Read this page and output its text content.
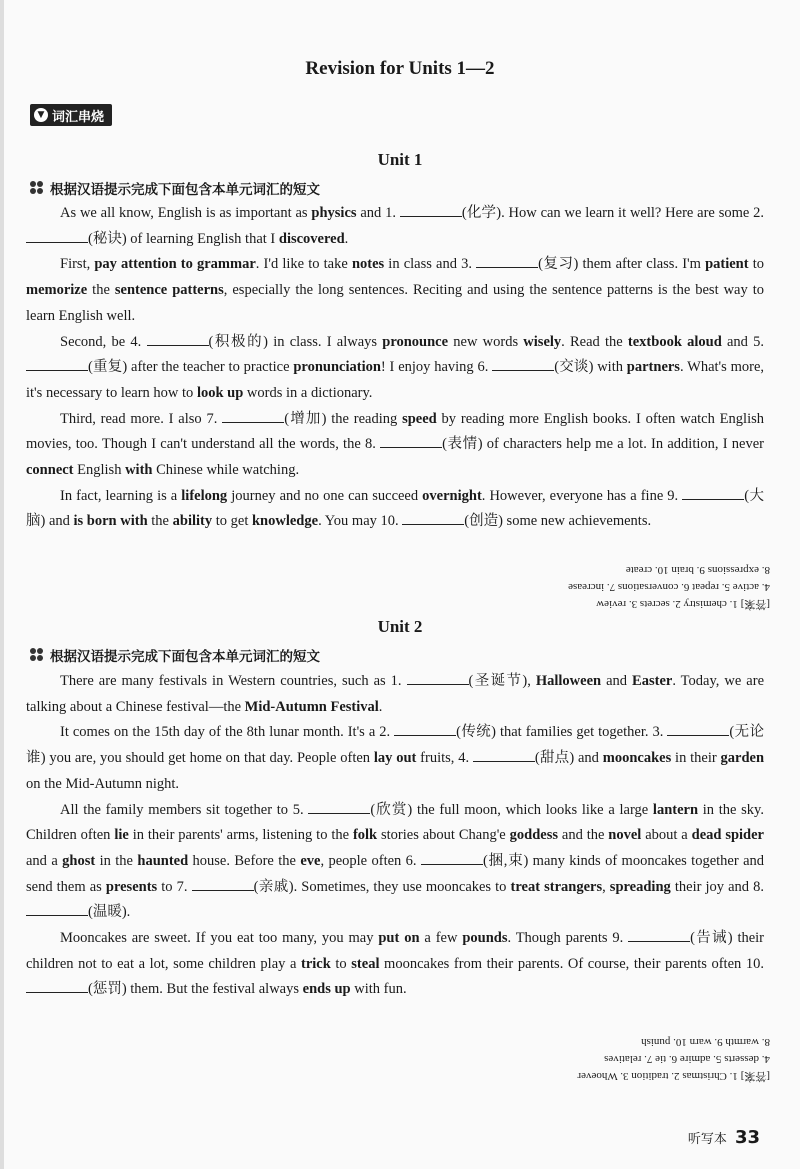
Revision for Units 1—2
▼ 词汇串烧
Unit 1
根据汉语提示完成下面包含本单元词汇的短文

As we all know, English is as important as physics and 1.	(化学). How can we learn it well? Here are some 2. (秘诀) of learning English that I discovered.

First, pay attention to grammar. I'd like to take notes in class and 3.	(复习) them after class. I'm patient to memorize the sentence patterns, especially the long sentences. Reciting and using the sentence patterns is the best way to learn English well.

Second, be 4.	(积极的) in class. I always pronounce new words wisely. Read the textbook aloud and 5. (重复) after the teacher to practice pronunciation! I enjoy having 6.	(交谈) with partners. What's more, it's necessary to learn how to look up words in a dictionary.

Third, read more. I also 7.	(增加) the reading speed by reading more English books. I often watch English movies, too. Though I can't understand all the words, the 8.	(表情) of characters help me a lot. In addition, I never connect English with Chinese while watching.

In fact, learning is a lifelong journey and no one can succeed overnight. However, everyone has a fine 9.	(大脑) and is born with the ability to get knowledge. You may 10.	(创造) some new achievements.

[答案] 1. chemistry 2. secrets 3. review
4. active 5. repeat 6. conversations 7. increase
8. expressions 9. brain 10. create
Unit 2
根据汉语提示完成下面包含本单元词汇的短文

There are many festivals in Western countries, such as 1.	(圣诞节), Halloween and Easter. Today, we are talking about a Chinese festival—the Mid-Autumn Festival.

It comes on the 15th day of the 8th lunar month. It's a 2.	(传统) that families get together. 3.	(无论谁) you are, you should get home on that day. People often lay out fruits, 4.	(甜点) and mooncakes in their garden on the Mid-Autumn night.

All the family members sit together to 5.	(欣赏) the full moon, which looks like a large lantern in the sky. Children often lie in their parents' arms, listening to the folk stories about Chang'e goddess and the novel about a dead spider and a ghost in the haunted house. Before the eve, people often 6.	(捆,束) many kinds of mooncakes together and send them as presents to 7.	(亲戚). Sometimes, they use mooncakes to treat strangers, spreading their joy and 8. (温暖).

Mooncakes are sweet. If you eat too many, you may put on a few pounds. Though parents 9.	(告诫) their children not to eat a lot, some children play a trick to steal mooncakes from their parents. Of course, their parents often 10. (惩罚) them. But the festival always ends up with fun.

[答案] 1. Christmas 2. tradition 3. Whoever
4. desserts 5. admire 6. tie 7. relatives
8. warmth 9. warn 10. punish
听写本 33
